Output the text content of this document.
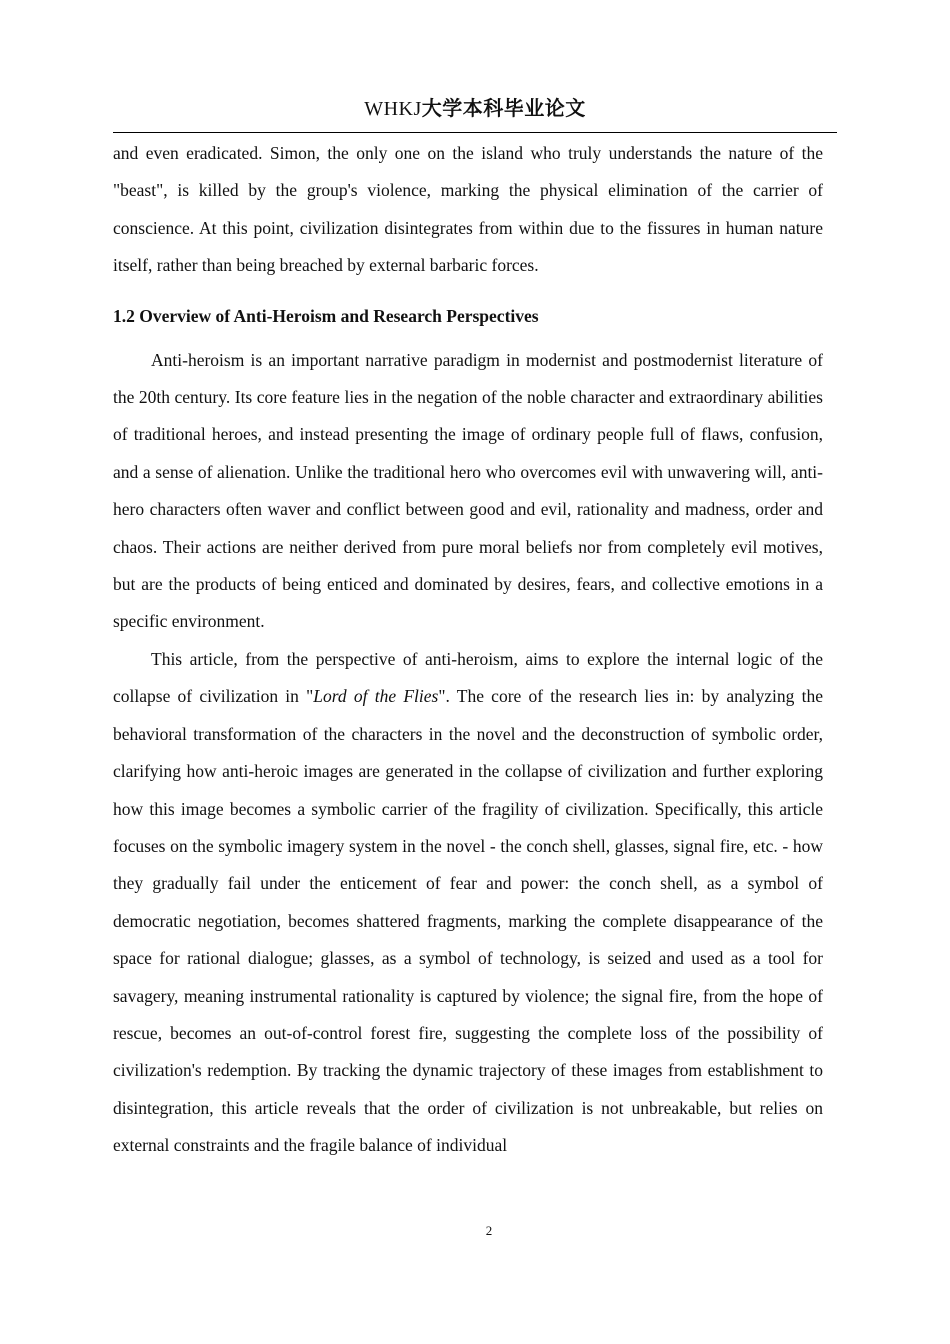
WHKJ大学本科毕业论文

and even eradicated. Simon, the only one on the island who truly understands the nature of the "beast", is killed by the group's violence, marking the physical elimination of the carrier of conscience. At this point, civilization disintegrates from within due to the fissures in human nature itself, rather than being breached by external barbaric forces.

1.2 Overview of Anti-Heroism and Research Perspectives

Anti-heroism is an important narrative paradigm in modernist and postmodernist literature of the 20th century. Its core feature lies in the negation of the noble character and extraordinary abilities of traditional heroes, and instead presenting the image of ordinary people full of flaws, confusion, and a sense of alienation. Unlike the traditional hero who overcomes evil with unwavering will, anti-hero characters often waver and conflict between good and evil, rationality and madness, order and chaos. Their actions are neither derived from pure moral beliefs nor from completely evil motives, but are the products of being enticed and dominated by desires, fears, and collective emotions in a specific environment.

This article, from the perspective of anti-heroism, aims to explore the internal logic of the collapse of civilization in "Lord of the Flies". The core of the research lies in: by analyzing the behavioral transformation of the characters in the novel and the deconstruction of symbolic order, clarifying how anti-heroic images are generated in the collapse of civilization and further exploring how this image becomes a symbolic carrier of the fragility of civilization. Specifically, this article focuses on the symbolic imagery system in the novel - the conch shell, glasses, signal fire, etc. - how they gradually fail under the enticement of fear and power: the conch shell, as a symbol of democratic negotiation, becomes shattered fragments, marking the complete disappearance of the space for rational dialogue; glasses, as a symbol of technology, is seized and used as a tool for savagery, meaning instrumental rationality is captured by violence; the signal fire, from the hope of rescue, becomes an out-of-control forest fire, suggesting the complete loss of the possibility of civilization's redemption. By tracking the dynamic trajectory of these images from establishment to disintegration, this article reveals that the order of civilization is not unbreakable, but relies on external constraints and the fragile balance of individual

2
